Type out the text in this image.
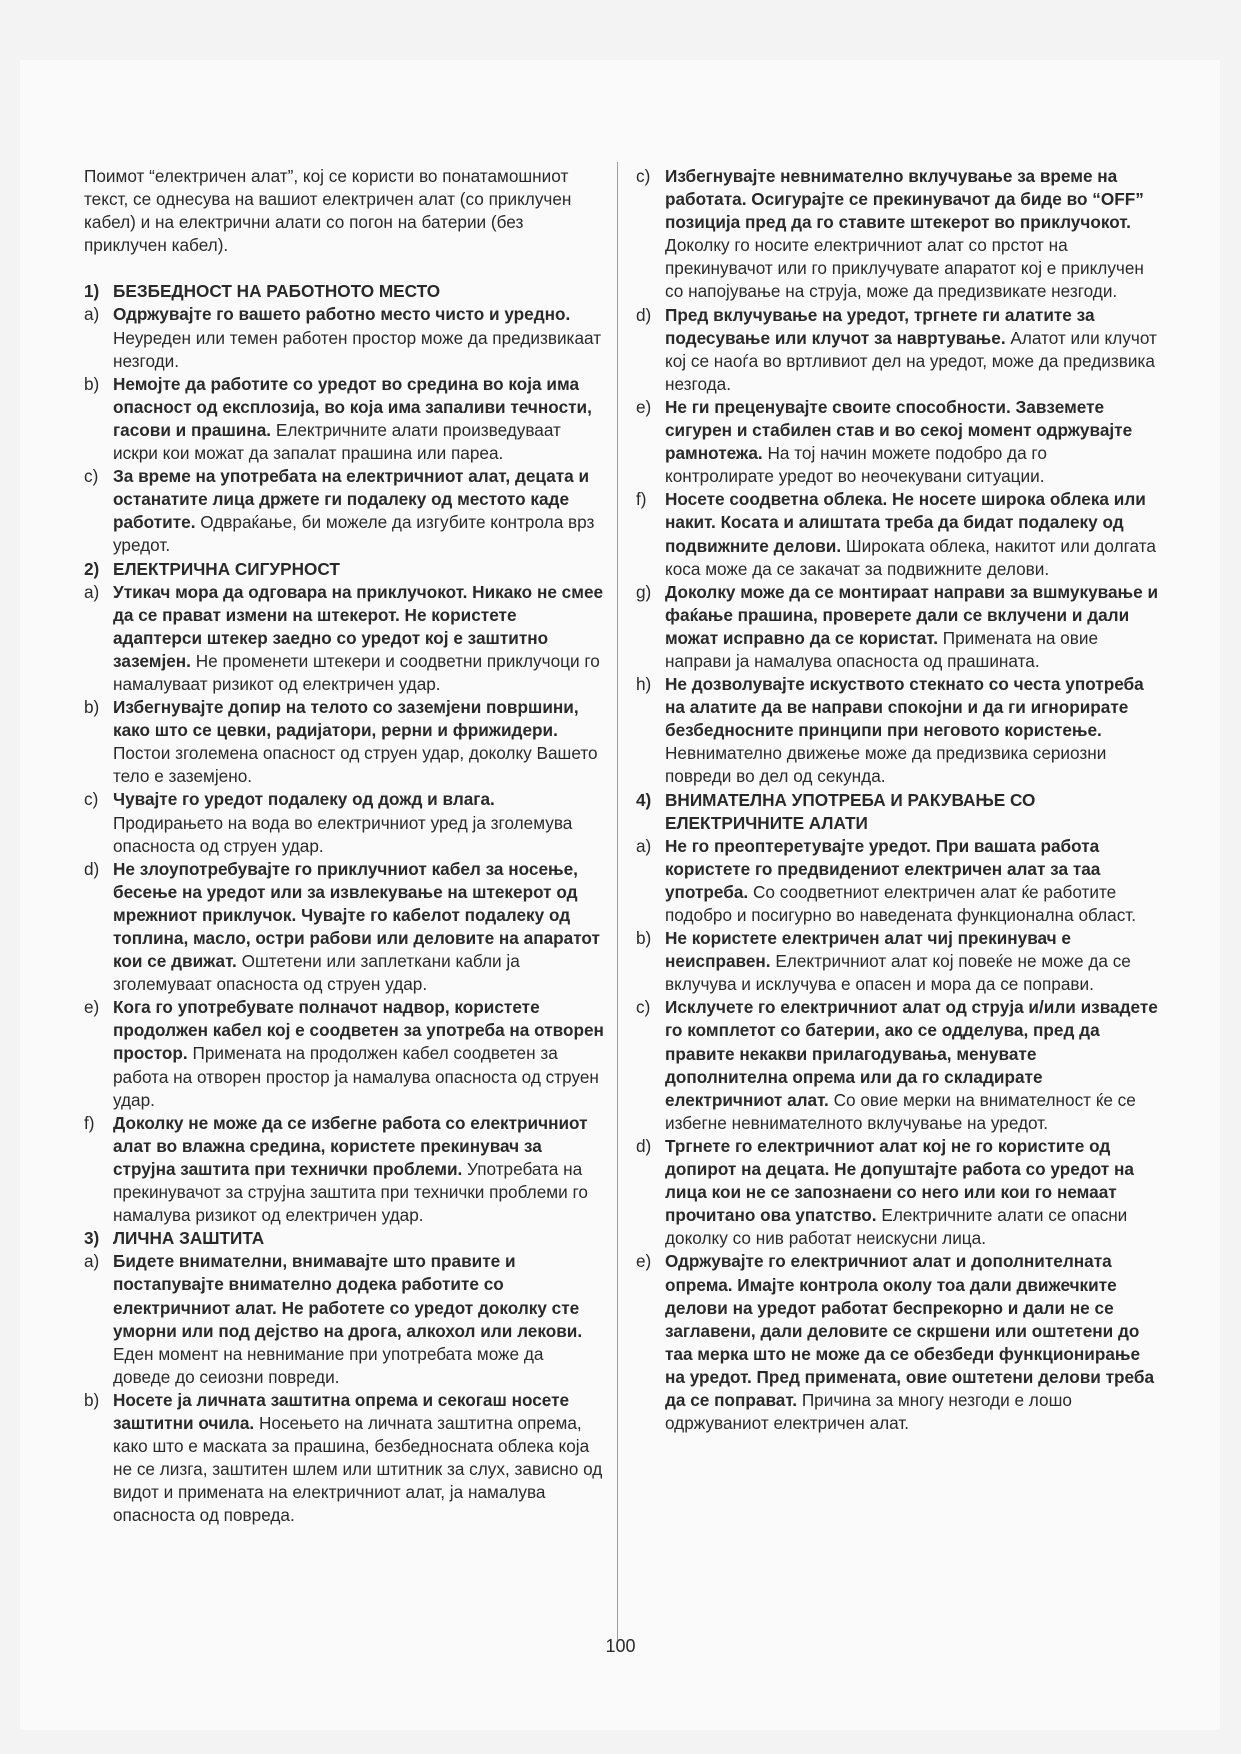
Поимот “електричен алат”, кој се користи во понатамошниот текст, се однесува на вашиот електричен алат (со приклучен кабел) и на електрични алати со погон на батерии (без приклучен кабел).

1) БЕЗБЕДНОСТ НА РАБОТНОТО МЕСТО
a) Одржувајте го вашето работно место чисто и уредно. Неуреден или темен работен простор може да предизвикаат незгоди.
b) Немојте да работите со уредот во средина во која има опасност од експлозија, во која има запаливи течности, гасови и прашина. Електричните алати произведуваат искри кои можат да запалат прашина или пареа.
c) За време на употребата на електричниот алат, децата и останатите лица држете ги подалеку од местото каде работите. Одвраќање, би можеле да изгубите контрола врз уредот.
2) ЕЛЕКТРИЧНА СИГУРНОСТ
a) Утикач мора да одговара на приклучокот. Никако не смее да се прават измени на штекерот. Не користете адаптерси штекер заедно со уредот кој е заштитно заземјен. Не променети штекери и соодветни приклучоци го намалуваат ризикот од електричен удар.
b) Избегнувајте допир на телото со заземјени површини, како што се цевки, радијатори, рерни и фрижидери. Постои зголемена опасност од струен удар, доколку Вашето тело е заземјено.
c) Чувајте го уредот подалеку од дожд и влага. Продирањето на вода во електричниот уред ја зголемува опасноста од струен удар.
d) Не злоупотребувајте го приклучниот кабел за носење, бесење на уредот или за извлекување на штекерот од мрежниот приклучок. Чувајте го кабелот подалеку од топлина, масло, остри рабови или деловите на апаратот кои се движат. Оштетени или заплеткани кабли ја зголемуваат опасноста од струен удар.
e) Кога го употребувате полначот надвор, користете продолжен кабел кој е соодветен за употреба на отворен простор. Примената на продолжен кабел соодветен за работа на отворен простор ја намалува опасноста од струен удар.
f) Доколку не може да се избегне работа со електричниот алат во влажна средина, користете прекинувач за струјна заштита при технички проблеми. Употребата на прекинувачот за струјна заштита при технички проблеми го намалува ризикот од електричен удар.
3) ЛИЧНА ЗАШТИТА
a) Бидете внимателни, внимавајте што правите и постапувајте внимателно додека работите со електричниот алат. Не работете со уредот доколку сте уморни или под дејство на дрога, алкохол или лекови. Еден момент на невнимание при употребата може да доведе до сеиозни повреди.
b) Носете ја личната заштитна опрема и секогаш носете заштитни очила. Носењето на личната заштитна опрема, како што е маската за прашина, безбедносната облека која не се лизга, заштитен шлем или штитник за слух, зависно од видот и примената на електричниот алат, ја намалува опасноста од повреда.
c) Избегнувајте невнимателно вклучување за време на работата. Осигурајте се прекинувачот да биде во “OFF” позиција пред да го ставите штекерот во приклучокот. Доколку го носите електричниот алат со прстот на прекинувачот или го приклучувате апаратот кој е приклучен со напојување на струја, може да предизвикате незгоди.
d) Пред вклучување на уредот, тргнете ги алатите за подесување или клучот за навртување. Алатот или клучот кој се наоѓа во вртливиот дел на уредот, може да предизвика незгода.
e) Не ги преценувајте своите способности. Завземете сигурен и стабилен став и во секој момент одржувајте рамнотежа. На тој начин можете подобро да го контролирате уредот во неочекувани ситуации.
f) Носете соодветна облека. Не носете широка облека или накит. Косата и алиштата треба да бидат подалеку од подвижните делови. Широката облека, накитот или долгата коса може да се закачат за подвижните делови.
g) Доколку може да се монтираат направи за вшмукување и фаќање прашина, проверете дали се вклучени и дали можат исправно да се користат. Примената на овие направи ја намалува опасноста од прашината.
h) Не дозволувајте искуството стекнато со честа употреба на алатите да ве направи спокојни и да ги игнорирате безбедносните принципи при неговото користење. Невнимателно движење може да предизвика сериозни повреди во дел од секунда.
4) ВНИМАТЕЛНА УПОТРЕБА И РАКУВАЊЕ СО ЕЛЕКТРИЧНИТЕ АЛАТИ
a) Не го преоптеретувајте уредот. При вашата работа користете го предвидениот електричен алат за таа употреба. Со соодветниот електричен алат ќе работите подобро и посигурно во наведената функционална област.
b) Не користете електричен алат чиј прекинувач е неисправен. Електричниот алат кој повеќе не може да се вклучува и исклучува е опасен и мора да се поправи.
c) Исклучете го електричниот алат од струја и/или извадете го комплетот со батерии, ако се одделува, пред да правите некакви прилагодувања, менувате дополнителна опрема или да го складирате електричниот алат. Со овие мерки на внимателност ќе се избегне невнимателното вклучување на уредот.
d) Тргнете го електричниот алат кој не го користите од допирот на децата. Не допуштајте работа со уредот на лица кои не се запознаени со него или кои го немаат прочитано ова упатство. Електричните алати се опасни доколку со нив работат неискусни лица.
e) Одржувајте го електричниот алат и дополнителната опрема. Имајте контрола околу тоа дали движечките делови на уредот работат беспрекорно и дали не се заглавени, дали деловите се скршени или оштетени до таа мерка што не може да се обезбеди функционирање на уредот. Пред примената, овие оштетени делови треба да се поправат. Причина за многу незгоди е лошо одржуваниот електричен алат.
100
